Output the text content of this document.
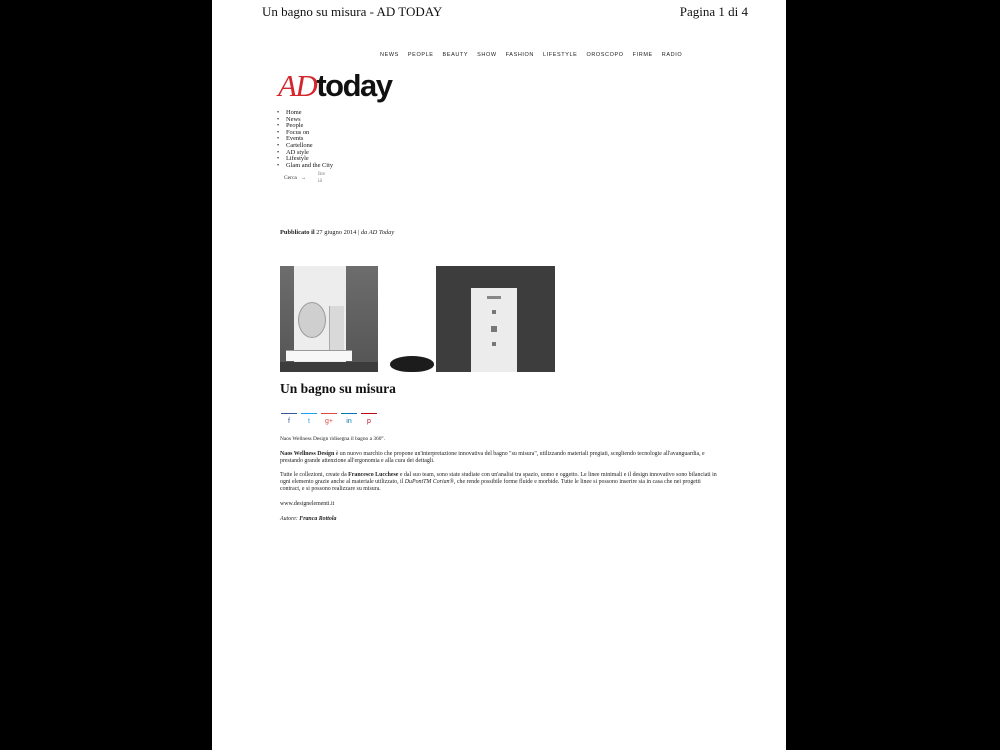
Un bagno su misura - AD TODAY	Pagina 1 di 4
NEWS PEOPLE BEAUTY SHOW FASHION LIFESTYLE OROSCOPO FIRME RADIO
ADtoday
• Home
• News
• People
• Focus on
• Events
• Cartellone
• AD style
• Lifestyle
• Glam and the City
Cerca →
Inv
iä
Pubblicato il 27 giugno 2014 | da AD Today
Un bagno su misura
f	t g+ in p

Naos Wellness Design ridisegna il bagno a 360°.

Naos Wellness Design è un nuovo marchio che propone un'interpretazione innovativa del bagno "su misura", utilizzando materiali pregiati, scegliendo tecnologie all'avanguardia, e prestando grande attenzione all'ergonomia e alla cura dei dettagli.

Tutte le collezioni, create da Francesco Lucchese e dal suo team, sono state studiate con un'analisi tra spazio, uomo e oggetto. Le linee minimali e il design innovativo sono bilanciati in ogni elemento grazie anche al materiale utilizzato, il DuPontTM Corian®, che rende possibile forme fluide e morbide. Tutte le linee si possono inserire sia in casa che nei progetti contract, e si possono realizzare su misura.

www.designelementi.it

Autore: Franca Rottola
